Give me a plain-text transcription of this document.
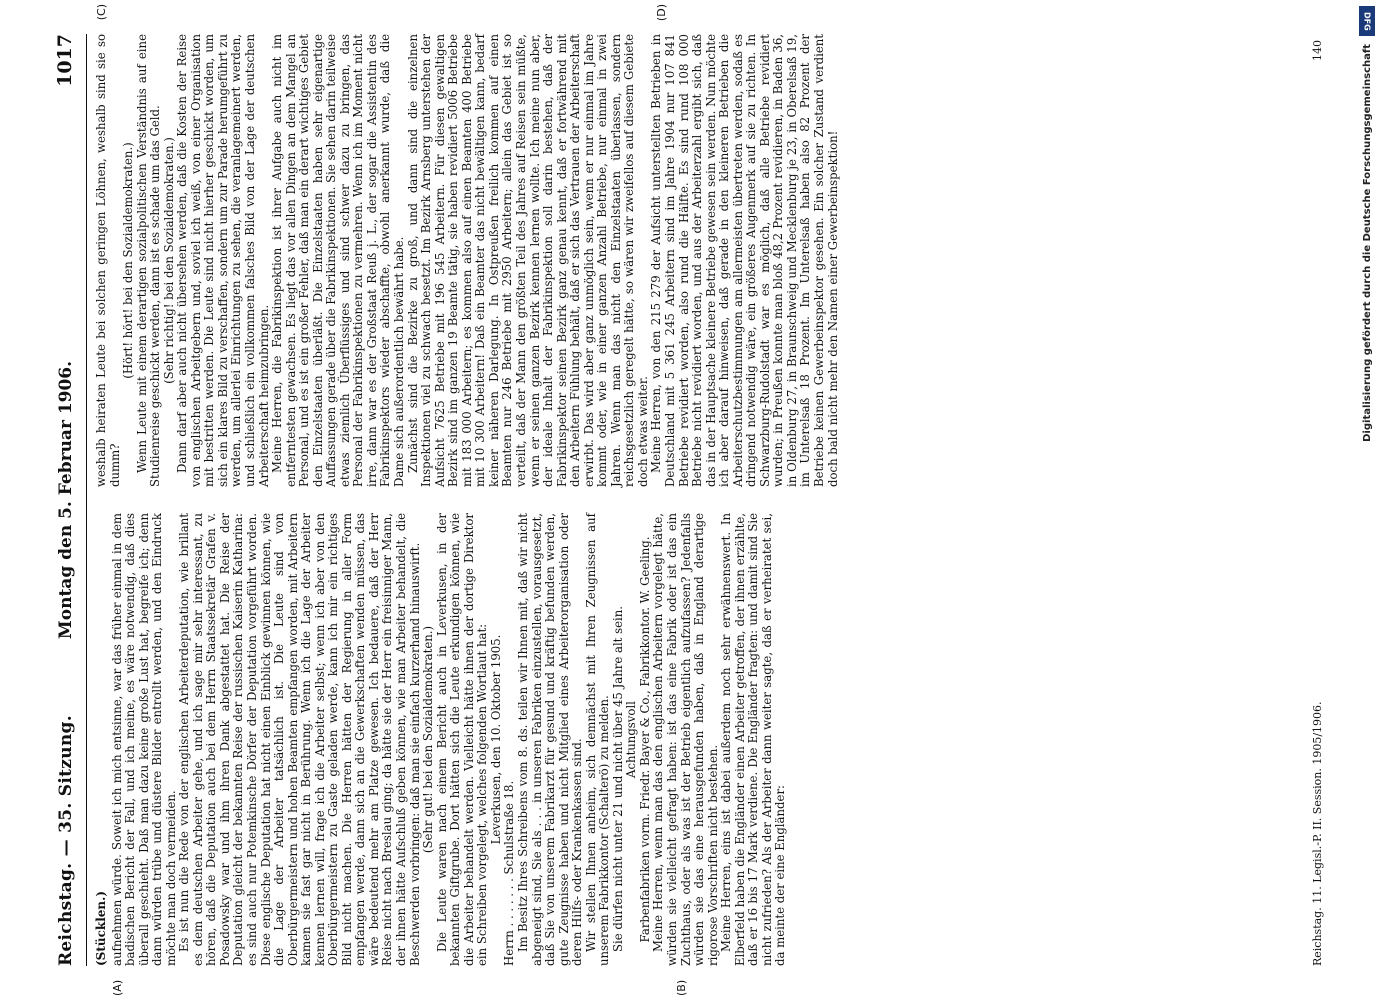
Reichstag. — 35. Sitzung.
Montag den 5. Februar 1906.
1017
(Stücklen.)
(A)	(B)

aufnehmen würde. Soweit ich mich entsinne, war das früher einmal in dem badischen Bericht der Fall, und ich meine, es wäre notwendig, daß dies überall geschieht. Daß man dazu keine große Lust hat, begreife ich; denn dann würden trübe und düstere Bilder entrollt werden, und den Eindruck möchte man doch vermeiden. Es ist nun die Rede von der englischen Arbeiterdeputation, wie brillant es dem deutschen Arbeiter gehe, und ich sage mir sehr interessant, zu hören, daß die Deputation auch bei dem Herrn Staatssekretär Grafen v. Posadowsky war und ihm ihren Dank abgestattet hat. Die Reise der Deputation gleicht der bekannten Reise der russischen Kaiserin Katharina: es sind auch nur Potemkinsche Dörfer der Deputation vorgeführt worden. Diese englische Deputation hat nicht einen Einblick gewinnen können, wie die Lage der Arbeiter tatsächlich ist. Die Leute sind von Oberbürgermeistern und hohen Beamten empfangen worden, mit Arbeitern kamen sie fast gar nicht in Berührung. Wenn ich die Lage der Arbeiter kennen lernen will, frage ich die Arbeiter selbst; wenn ich aber von den Oberbürgermeistern zu Gaste geladen werde, kann ich mir ein richtiges Bild nicht machen. Die Herren hätten der Regierung in aller Form empfangen werde, dann sich an die Gewerkschaften wenden müssen, das wäre bedeutend mehr am Platze gewesen. Ich bedauere, daß der Herr Reise nicht nach Breslau ging; da hätte sie der Herr ein freisinniger Mann, der ihnen hätte Aufschluß geben können, wie man Arbeiter behandelt, die Beschwerden vorbringen: daß man sie einfach kurzerhand hinauswirft. (Sehr gut! bei den Sozialdemokraten.) Die Leute waren nach einem Bericht auch in Leverkusen, in der bekannten Giftgrube. Dort hätten sich die Leute erkundigen können, wie die Arbeiter behandelt werden. Vielleicht hätte ihnen der dortige Direktor ein Schreiben vorgelegt, welches folgenden Wortlaut hat: Leverkusen, den 10. Oktober 1905.

Herrn . . . . . . . Schulstraße 18. Im Besitz Ihres Schreibens vom 8. ds. teilen wir Ihnen mit, daß wir nicht abgeneigt sind, Sie als . . . in unseren Fabriken einzustellen, vorausgesetzt, daß Sie von unserem Fabrikarzt für gesund und kräftig befunden werden, gute Zeugnisse haben und nicht Mitglied eines Arbeiterorganisation oder deren Hilfs- oder Krankenkassen sind. Wir stellen Ihnen anheim, sich demnächst mit Ihren Zeugnissen auf unserem Fabrikkontor (Schalterö) zu melden. Sie dürfen nicht unter 21 und nicht über 45 Jahre alt sein. Achtungsvoll Farbenfabriken vorm. Friedr. Bayer & Co., Fabrikkontor. W. Geeling. Meine Herren, wenn man das den englischen Arbeitern vorgelegt hätte, würden sie vielleicht gefragt haben: ist das eine Fabrik oder ist das ein Zuchthaus, oder als was ist der Betrieb eigentlich aufzufassen? Jedenfalls würden sie das eine herausgefunden haben, daß in England derartige rigorose Vorschriften nicht bestehen. Meine Herren, eins ist dabei außerdem noch sehr erwähnenswert. In Elberfeld haben die Engländer einen Arbeiter getroffen, der ihnen erzählte, daß er 16 bis 17 Mark verdiene. Die Engländer fragten: und damit sind Sie nicht zufrieden? Als der Arbeiter dann weiter sagte, daß er verheiratet sei, da meinte der eine Engländer:

(C)	(D)

weshalb heiraten Leute bei solchen geringen Löhnen, weshalb sind sie so dumm?

(Hört! hört! bei den Sozialdemokraten.) Wenn Leute mit einem derartigen sozialpolitischen Verständnis auf eine Studienreise geschickt werden, dann ist es schade um das Geld. (Sehr richtig! bei den Sozialdemokraten.) Dann darf aber auch nicht übersehen werden, daß die Kosten der Reise von englischen Arbeitgebern und, soviel ich weiß, von einer Organisation mit bestritten werden. Die Leute sind nicht hierher geschickt worden, um sich ein klares Bild zu verschaffen, sondern um zur Parade herumgeführt zu werden, um allerlei Einrichtungen zu sehen, die veranlagemeinert werden, und schließlich ein vollkommen falsches Bild von der Lage der deutschen Arbeiterschaft heimzubringen. Meine Herren, die Fabrikinspektion ist ihrer Aufgabe auch nicht im entferntesten gewachsen. Es liegt das vor allen Dingen an dem Mangel an Personal, und es ist ein großer Fehler, daß man ein derart wichtiges Gebiet den Einzelstaaten überläßt. Die Einzelstaaten haben sehr eigenartige Auffassungen gerade über die Fabrikinspektionen. Sie sehen darin teilweise etwas ziemlich Überflüssiges und sind schwer dazu zu bringen, das Personal der Fabrikinspektionen zu vermehren. Wenn ich im Moment nicht irre, dann war es der Großstaat Reuß j. L., der sogar die Assistentin des Fabrikinspektors wieder abschaffte, obwohl anerkannt wurde, daß die Dame sich außerordentlich bewährt habe. Zunächst sind die Bezirke zu groß, und dann sind die einzelnen Inspektionen viel zu schwach besetzt. Im Bezirk Arnsberg unterstehen der Aufsicht 7625 Betriebe mit 196 545 Arbeitern. Für diesen gewaltigen Bezirk sind im ganzen 19 Beamte tätig, sie haben revidiert 5006 Betriebe mit 183 000 Arbeitern; es kommen also auf einen Beamten 400 Betriebe mit 10 300 Arbeitern! Daß ein Beamter das nicht bewältigen kann, bedarf keiner näheren Darlegung. In Ostpreußen freilich kommen auf einen Beamten nur 246 Betriebe mit 2950 Arbeitern; allein das Gebiet ist so verteilt, daß der Mann den größten Teil des Jahres auf Reisen sein müßte, wenn er seinen ganzen Bezirk kennen lernen wollte. Ich meine nun aber, der ideale Inhalt der Fabrikinspektion soll darin bestehen, daß der Fabrikinspektor seinen Bezirk ganz genau kennt, daß er fortwährend mit den Arbeitern Fühlung behält, daß er sich das Vertrauen der Arbeiterschaft erwirbt. Das wird aber ganz unmöglich sein, wenn er nur einmal im Jahre kommt oder, wie in einer ganzen Anzahl Betriebe, nur einmal in zwei Jahren. Wenn man das nicht den Einzelstaaten überlassen, sondern reichsgesetzlich geregelt hätte, so wären wir zweifellos auf diesem Gebiete doch etwas weiter. Meine Herren, von den 215 279 der Aufsicht unterstellten Betrieben in Deutschland mit 5 361 245 Arbeitern sind im Jahre 1904 nur 107 841 Betriebe revidiert worden, also rund die Hälfte. Es sind rund 108 000 Betriebe nicht revidiert worden, und aus der Arbeiterzahl ergibt sich, daß das in der Hauptsache kleinere Betriebe gewesen sein werden. Nun möchte ich aber darauf hinweisen, daß gerade in den kleineren Betrieben die Arbeiterschutzbestimmungen am allermeisten übertreten werden, sodaß es dringend notwendig wäre, ein größeres Augenmerk auf sie zu richten. In Schwarzburg-Rudolstadt war es möglich, daß alle Betriebe revidiert wurden; in Preußen konnte man bloß 48,2 Prozent revidieren, in Baden 36, in Oldenburg 27, in Braunschweig und Mecklenburg je 23, in Oberelsaß 19, im Unterelsaß 18 Prozent. Im Unterelsaß haben also 82 Prozent der Betriebe keinen Gewerbeinspektor gesehen. Ein solcher Zustand verdient doch bald nicht mehr den Namen einer Gewerbeinspektion!

Reichstag. 11. Legisl.-P. II. Session. 1905/1906.
140
DFG
Digitalisierung gefördert durch die Deutsche Forschungsgemeinschaft
